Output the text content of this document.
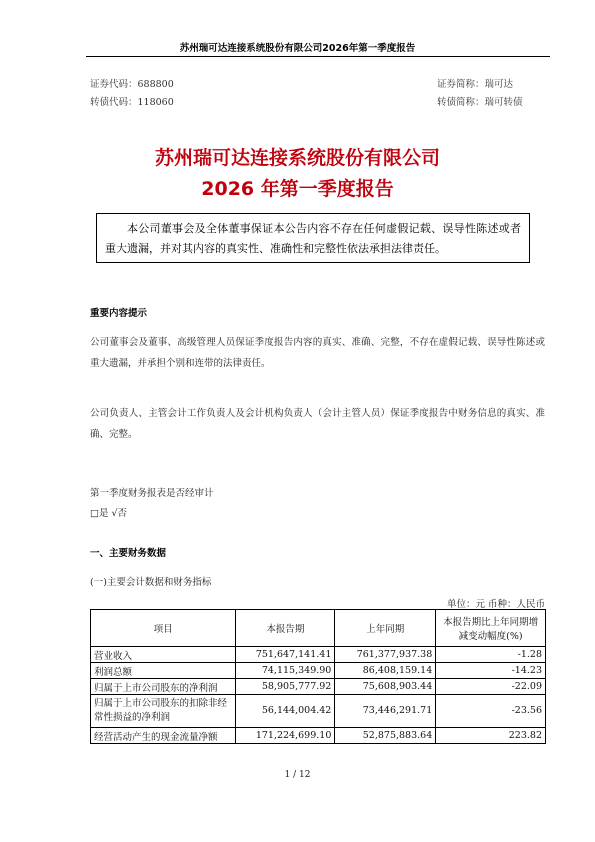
苏州瑞可达连接系统股份有限公司2026年第一季度报告
证券代码：688800
转债代码：118060
证券简称：瑞可达
转债简称：瑞可转债
苏州瑞可达连接系统股份有限公司
2026 年第一季度报告

本公司董事会及全体董事保证本公告内容不存在任何虚假记载、误导性陈述或者重大遗漏，并对其内容的真实性、准确性和完整性依法承担法律责任。

重要内容提示

公司董事会及董事、高级管理人员保证季度报告内容的真实、准确、完整，不存在虚假记载、误导性陈述或重大遗漏，并承担个别和连带的法律责任。

公司负责人、主管会计工作负责人及会计机构负责人（会计主管人员）保证季度报告中财务信息的真实、准确、完整。

第一季度财务报表是否经审计
□是 √否
一、主要财务数据
(一)主要会计数据和财务指标
单位：元 币种：人民币
项目	本报告期	上年同期	本报告期比上年同期增减变动幅度(%)
营业收入	751,647,141.41	761,377,937.38	-1.28
利润总额	74,115,349.90	86,408,159.14	-14.23
归属于上市公司股东的净利润	58,905,777.92	75,608,903.44	-22.09
归属于上市公司股东的扣除非经常性损益的净利润	56,144,004.42	73,446,291.71	-23.56
经营活动产生的现金流量净额	171,224,699.10	52,875,883.64	223.82
1 / 12
